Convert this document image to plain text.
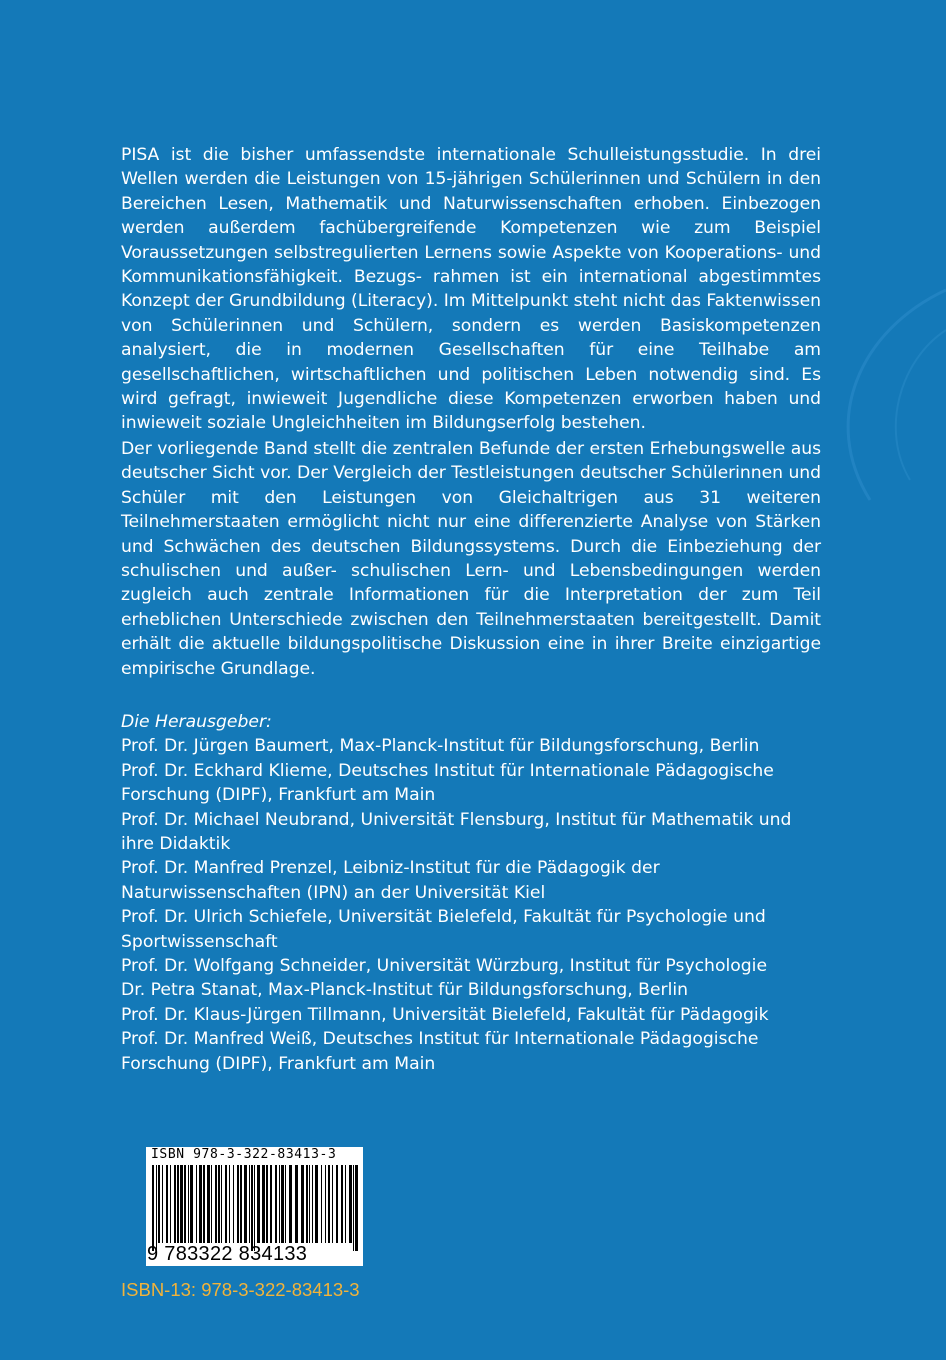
PISA ist die bisher umfassendste internationale Schulleistungsstudie. In drei Wellen werden die Leistungen von 15-jährigen Schülerinnen und Schülern in den Bereichen Lesen, Mathematik und Naturwissenschaften erhoben. Einbezogen werden außerdem fachübergreifende Kompetenzen wie zum Beispiel Voraussetzungen selbstregulierten Lernens sowie Aspekte von Kooperations- und Kommunikationsfähigkeit. Bezugs- rahmen ist ein international abgestimmtes Konzept der Grundbildung (Literacy). Im Mittelpunkt steht nicht das Faktenwissen von Schülerinnen und Schülern, sondern es werden Basiskompetenzen analysiert, die in modernen Gesellschaften für eine Teilhabe am gesellschaftlichen, wirtschaftlichen und politischen Leben notwendig sind. Es wird gefragt, inwieweit Jugendliche diese Kompetenzen erworben haben und inwieweit soziale Ungleichheiten im Bildungserfolg bestehen.

Der vorliegende Band stellt die zentralen Befunde der ersten Erhebungswelle aus deutscher Sicht vor. Der Vergleich der Testleistungen deutscher Schülerinnen und Schüler mit den Leistungen von Gleichaltrigen aus 31 weiteren Teilnehmerstaaten ermöglicht nicht nur eine differenzierte Analyse von Stärken und Schwächen des deutschen Bildungssystems. Durch die Einbeziehung der schulischen und außer- schulischen Lern- und Lebensbedingungen werden zugleich auch zentrale Informationen für die Interpretation der zum Teil erheblichen Unterschiede zwischen den Teilnehmerstaaten bereitgestellt. Damit erhält die aktuelle bildungspolitische Diskussion eine in ihrer Breite einzigartige empirische Grundlage.

Die Herausgeber:

Prof. Dr. Jürgen Baumert, Max-Planck-Institut für Bildungsforschung, Berlin

Prof. Dr. Eckhard Klieme, Deutsches Institut für Internationale Pädagogische Forschung (DIPF), Frankfurt am Main

Prof. Dr. Michael Neubrand, Universität Flensburg, Institut für Mathematik und ihre Didaktik

Prof. Dr. Manfred Prenzel, Leibniz-Institut für die Pädagogik der Naturwissenschaften (IPN) an der Universität Kiel

Prof. Dr. Ulrich Schiefele, Universität Bielefeld, Fakultät für Psychologie und Sportwissenschaft

Prof. Dr. Wolfgang Schneider, Universität Würzburg, Institut für Psychologie

Dr. Petra Stanat, Max-Planck-Institut für Bildungsforschung, Berlin

Prof. Dr. Klaus-Jürgen Tillmann, Universität Bielefeld, Fakultät für Pädagogik

Prof. Dr. Manfred Weiß, Deutsches Institut für Internationale Pädagogische Forschung (DIPF), Frankfurt am Main

ISBN 978-3-322-83413-3
9 783322 834133
ISBN-13: 978-3-322-83413-3
